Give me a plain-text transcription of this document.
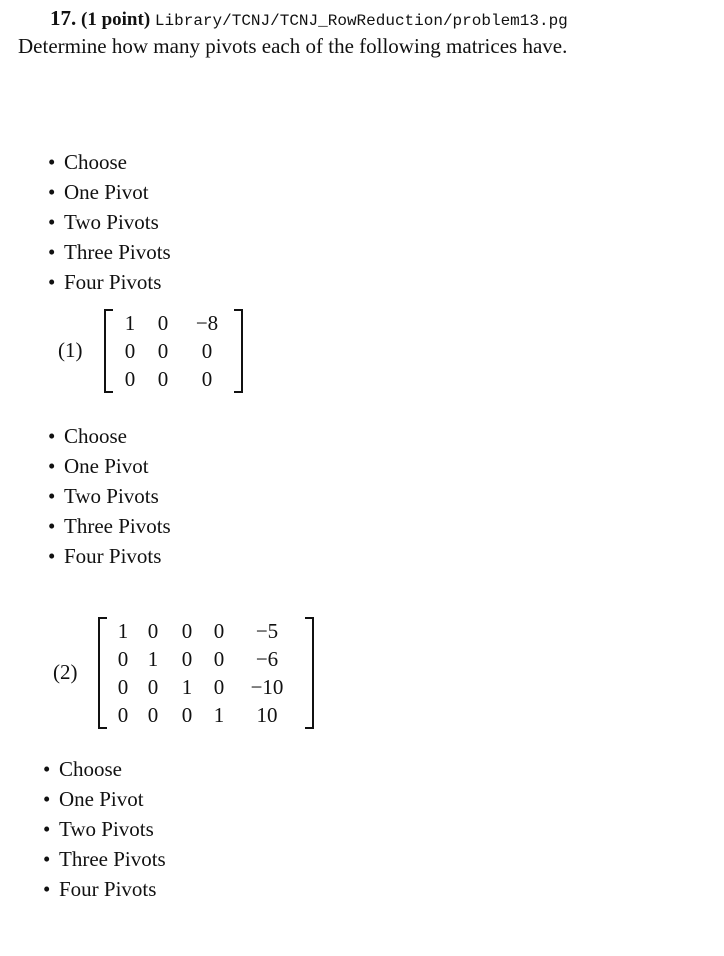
17. (1 point) Library/TCNJ/TCNJ_RowReduction/problem13.pg
Determine how many pivots each of the following matrices have.
• Choose
• One Pivot
• Two Pivots
• Three Pivots
• Four Pivots
(1)
1	0	−8
0	0	0
0	0	0
• Choose
• One Pivot
• Two Pivots
• Three Pivots
• Four Pivots
(2)
1	0	0	0	−5
0	1	0	0	−6
0	0	1	0	−10
0	0	0	1	10
• Choose
• One Pivot
• Two Pivots
• Three Pivots
• Four Pivots
